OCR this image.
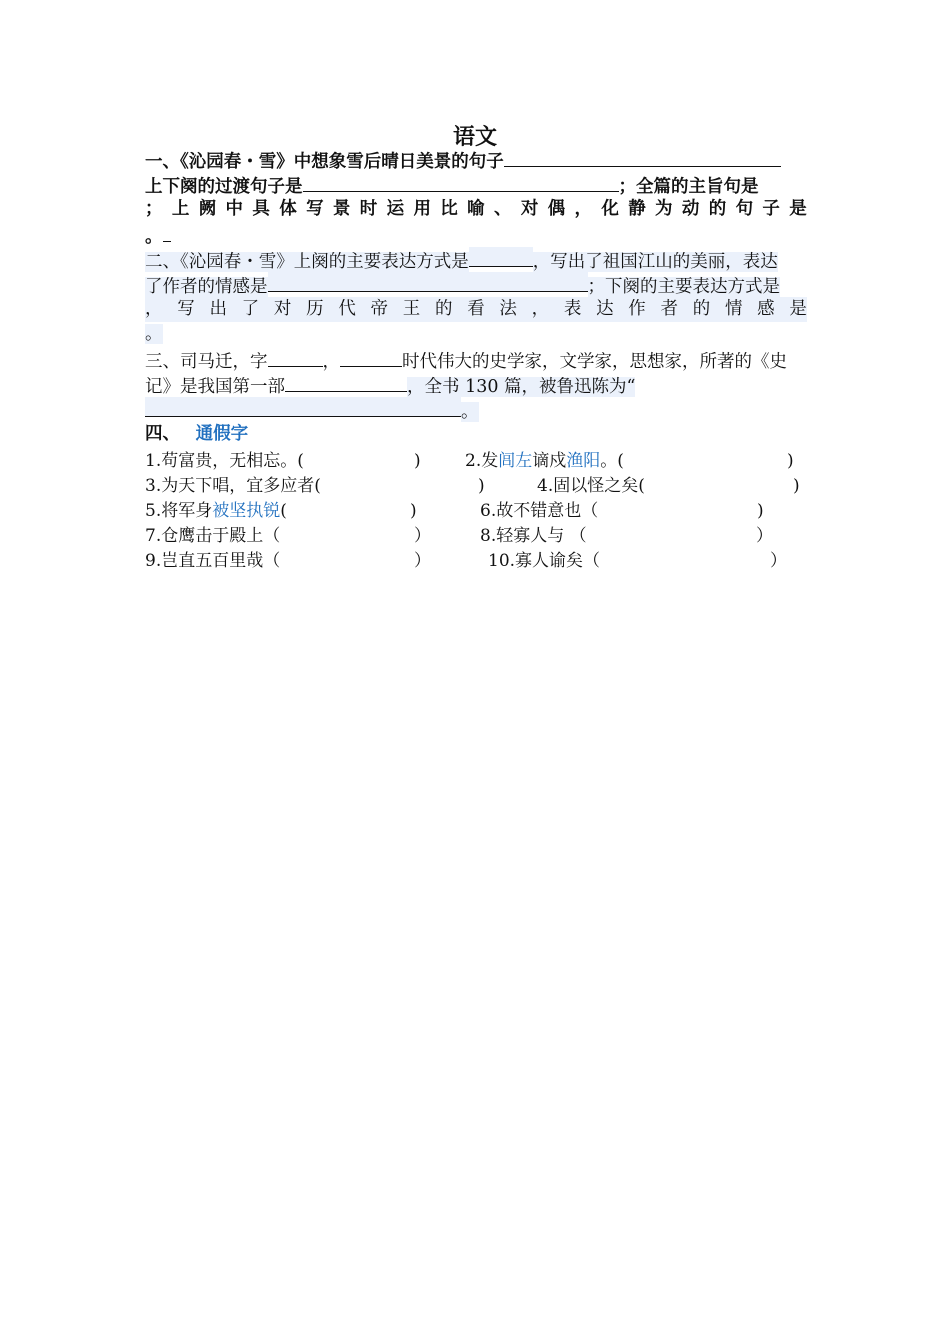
语文
一、《沁园春・雪》中想象雪后晴日美景的句子
上下阕的过渡句子是	；全篇的主旨句是
； 上 阙 中 具 体 写 景 时 运 用 比 喻 、 对 偶 ， 化 静 为 动 的 句 子 是
。
二、《沁园春・雪》上阕的主要表达方式是	，写出了祖国江山的美丽，表达
了作者的情感是	；下阕的主要表达方式是
， 写 出 了 对 历 代 帝 王 的 看 法 ， 表 达 作 者 的 情 感 是
。
三、司马迁，字	，	时代伟大的史学家，文学家，思想家，所著的《史
记》是我国第一部	，全书 130 篇，被鲁迅陈为“
。
四、 通假字
1.苟富贵，无相忘。(	)	2.发闾左谪戍渔阳。(	)
3.为天下唱，宜多应者(	)	4.固以怪之矣(	)
5.将军身被坚执锐(	)	6.故不错意也（	)
7.仓鹰击于殿上（	）	8.轻寡人与 （	）
9.岂直五百里哉（	）	10.寡人谕矣（	）
